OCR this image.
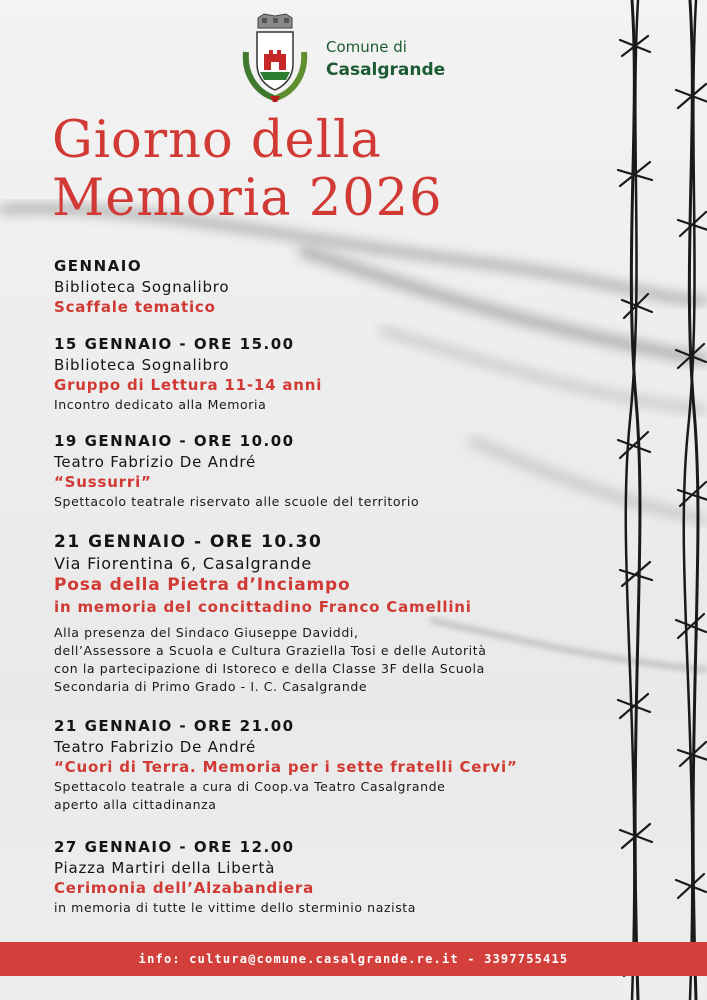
Comune di
Casalgrande
Giorno della
Memoria 2026
GENNAIO
Biblioteca Sognalibro
Scaffale tematico
15 GENNAIO - ORE 15.00
Biblioteca Sognalibro
Gruppo di Lettura 11-14 anni
Incontro dedicato alla Memoria
19 GENNAIO - ORE 10.00
Teatro Fabrizio De André
“Sussurri”
Spettacolo teatrale riservato alle scuole del territorio
21 GENNAIO - ORE 10.30
Via Fiorentina 6, Casalgrande
Posa della Pietra d’Inciampo
in memoria del concittadino Franco Camellini
Alla presenza del Sindaco Giuseppe Daviddi,
dell’Assessore a Scuola e Cultura Graziella Tosi e delle Autorità
con la partecipazione di Istoreco e della Classe 3F della Scuola
Secondaria di Primo Grado - I. C. Casalgrande
21 GENNAIO - ORE 21.00
Teatro Fabrizio De André
“Cuori di Terra. Memoria per i sette fratelli Cervi”
Spettacolo teatrale a cura di Coop.va Teatro Casalgrande
aperto alla cittadinanza
27 GENNAIO - ORE 12.00
Piazza Martiri della Libertà
Cerimonia dell’Alzabandiera
in memoria di tutte le vittime dello sterminio nazista
info: cultura@comune.casalgrande.re.it - 3397755415
